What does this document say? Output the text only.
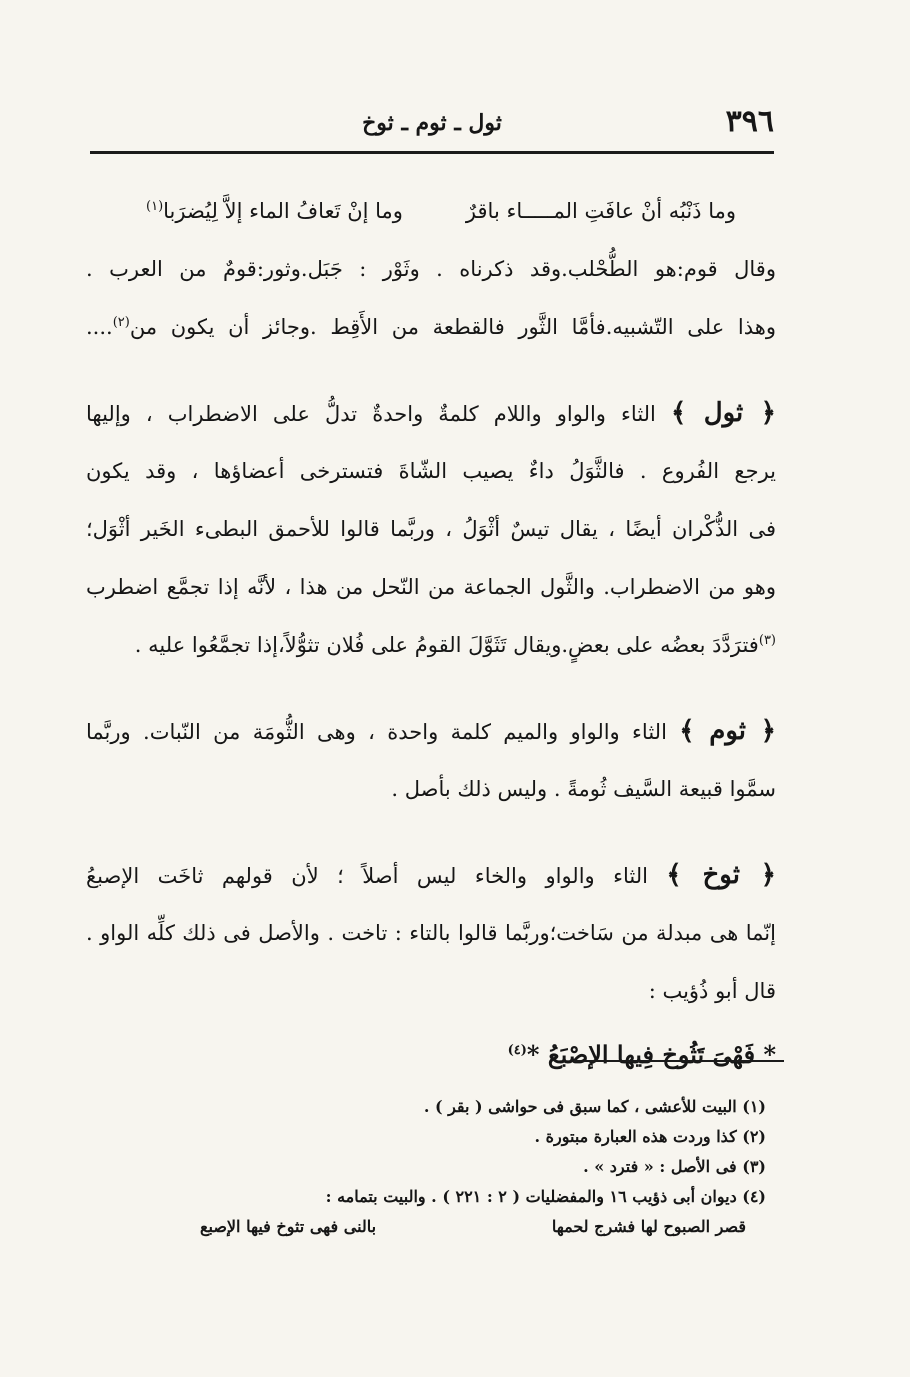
٣٩٦
ثول ـ ثوم ـ ثوخ
وما ذَنْبُه أنْ عافَتِ المـــــاء باقرٌ
وما إنْ تَعافُ الماء إلاَّ لِيُضرَبا$^{(١)}$
وقال قوم:هو الطُّحْلب.وقد ذكرناه . وثَوْر : جَبَل.وثور:قومٌ من العرب .
وهذا على التّشبيه.فأمَّا الثَّور فالقطعة من الأَقِط .وجائز أن يكون من$^{(٢)}$....
﴿ ثول ﴾ الثاء والواو واللام كلمةٌ واحدةٌ تدلُّ على الاضطراب ، وإليها
يرجع الفُروع . فالثَّوَلُ داءٌ يصيب الشّاةَ فتسترخى أعضاؤها ، وقد يكون
فى الذُّكْران أيضًا ، يقال تيسٌ أثْوَلُ ، وربَّما قالوا للأحمق البطىء الخَير أثْوَل؛
وهو من الاضطراب. والثَّول الجماعة من النّحل من هذا ، لأنَّه إذا تجمَّع اضطرب
$^{(٣)}$فترَدَّدَ بعضُه على بعضٍ.ويقال تَثَوَّلَ القومُ على فُلان تثوُّلاً،إذا تجمَّعُوا عليه .
﴿ ثوم ﴾ الثاء والواو والميم كلمة واحدة ، وهى الثُّومَة من النّبات. وربَّما
سمَّوا قبيعة السَّيف ثُومةً . وليس ذلك بأصل .
﴿ ثوخ ﴾ الثاء والواو والخاء ليس أصلاً ؛ لأن قولهم ثاخَت الإصبعُ
إنّما هى مبدلة من سَاخت؛وربَّما قالوا بالتاء : تاخت . والأصل فى ذلك كلِّه الواو .
قال أبو ذُؤيب :
* فَهْىَ تَثُوخ فِيها الإصْبَعُ *$^{(٤)}$
(١) البيت للأعشى ، كما سبق فى حواشى ( بقر ) .
(٢) كذا وردت هذه العبارة مبتورة .
(٣) فى الأصل : « فترد » .
(٤) ديوان أبى ذؤيب ١٦ والمفضليات ( ٢ : ٢٢١ ) . والبيت بتمامه :
قصر الصبوح لها فشرج لحمها
بالنى فهى تثوخ فيها الإصبع
